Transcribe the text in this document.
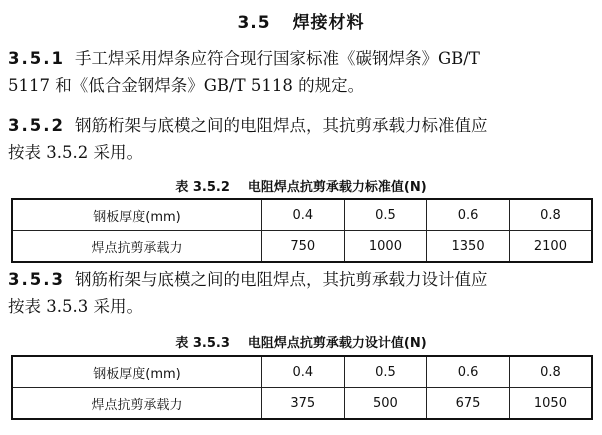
3.5 焊接材料

3.5.1 手工焊采用焊条应符合现行国家标准《碳钢焊条》GB/T
5117 和《低合金钢焊条》GB/T 5118 的规定。

3.5.2 钢筋桁架与底模之间的电阻焊点，其抗剪承载力标准值应
按表 3.5.2 采用。

表 3.5.2 电阻焊点抗剪承载力标准值(N)
钢板厚度(mm)	0.4	0.5	0.6	0.8
焊点抗剪承载力	750	1000	1350	2100

3.5.3 钢筋桁架与底模之间的电阻焊点，其抗剪承载力设计值应
按表 3.5.3 采用。

表 3.5.3 电阻焊点抗剪承载力设计值(N)
钢板厚度(mm)	0.4	0.5	0.6	0.8
焊点抗剪承载力	375	500	675	1050
